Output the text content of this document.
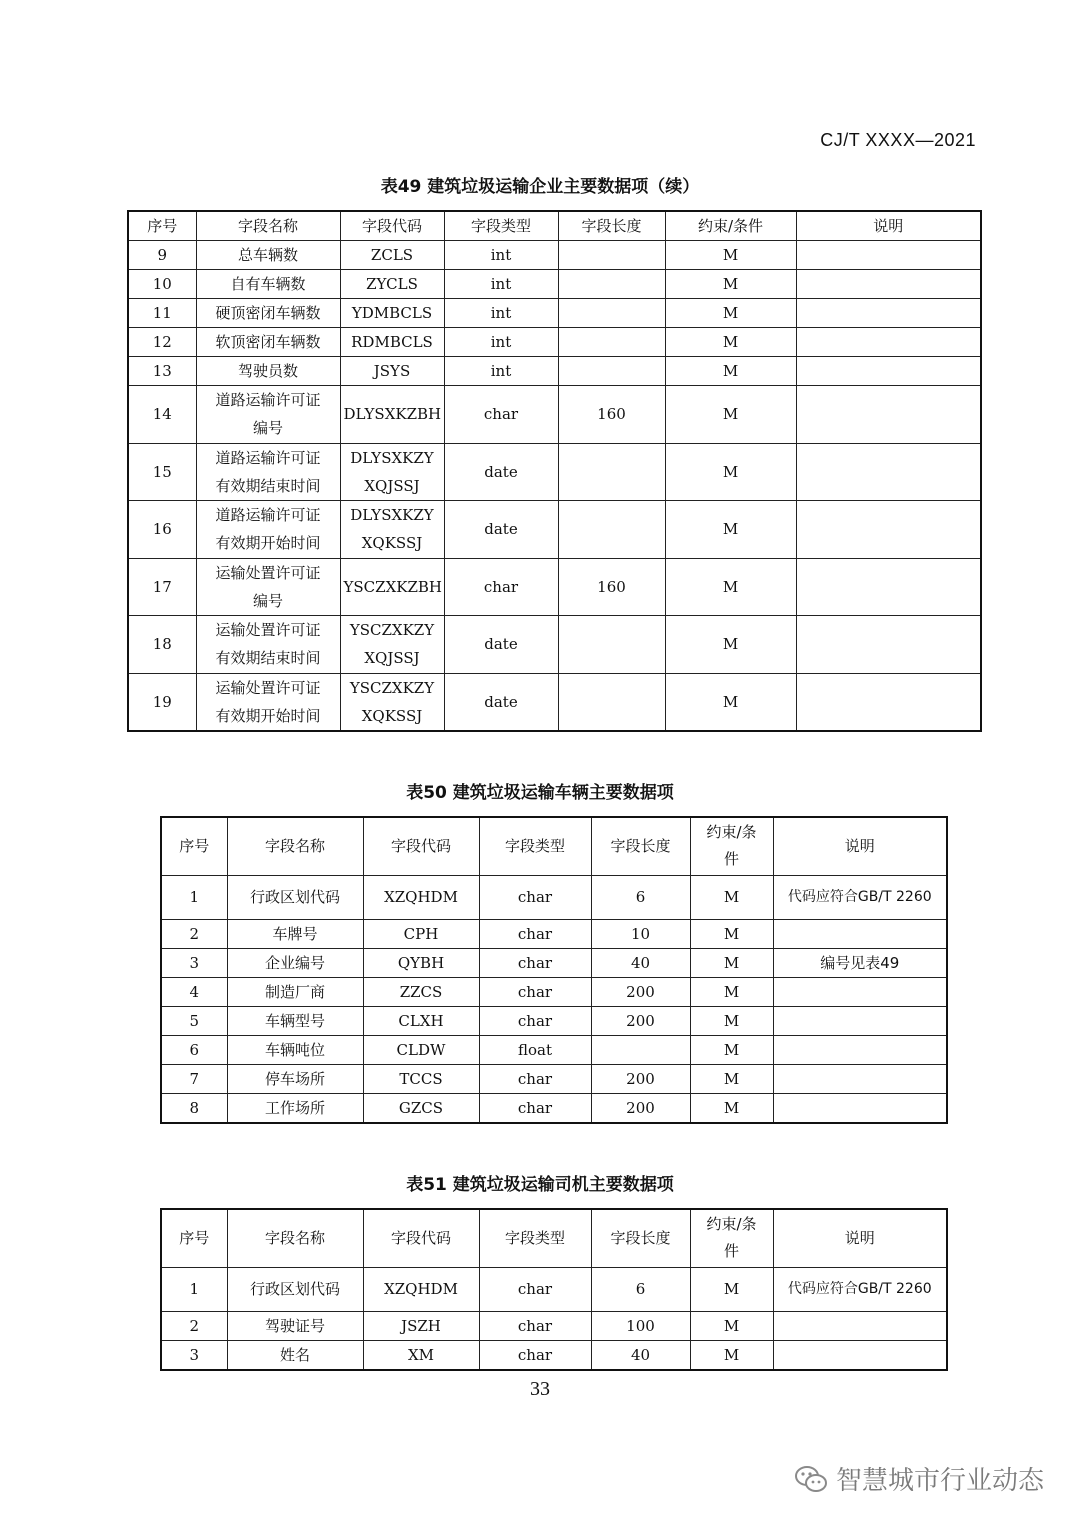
CJ/T XXXX—2021
表49 建筑垃圾运输企业主要数据项（续）
序号	字段名称	字段代码	字段类型	字段长度	约束/条件	说明
9	总车辆数	ZCLS	int		M	
10	自有车辆数	ZYCLS	int		M	
11	硬顶密闭车辆数	YDMBCLS	int		M	
12	软顶密闭车辆数	RDMBCLS	int		M	
13	驾驶员数	JSYS	int		M	
14	道路运输许可证编号	DLYSXKZBH	char	160	M	
15	道路运输许可证有效期结束时间	DLYSXKZYXQJSSJ	date		M	
16	道路运输许可证有效期开始时间	DLYSXKZYXQKSSJ	date		M	
17	运输处置许可证编号	YSCZXKZBH	char	160	M	
18	运输处置许可证有效期结束时间	YSCZXKZYXQJSSJ	date		M	
19	运输处置许可证有效期开始时间	YSCZXKZYXQKSSJ	date		M	
表50 建筑垃圾运输车辆主要数据项
序号	字段名称	字段代码	字段类型	字段长度	约束/条件	说明
1	行政区划代码	XZQHDM	char	6	M	代码应符合GB/T 2260
2	车牌号	CPH	char	10	M	
3	企业编号	QYBH	char	40	M	编号见表49
4	制造厂商	ZZCS	char	200	M	
5	车辆型号	CLXH	char	200	M	
6	车辆吨位	CLDW	float		M	
7	停车场所	TCCS	char	200	M	
8	工作场所	GZCS	char	200	M	
表51 建筑垃圾运输司机主要数据项
序号	字段名称	字段代码	字段类型	字段长度	约束/条件	说明
1	行政区划代码	XZQHDM	char	6	M	代码应符合GB/T 2260
2	驾驶证号	JSZH	char	100	M	
3	姓名	XM	char	40	M	
33
智慧城市行业动态
